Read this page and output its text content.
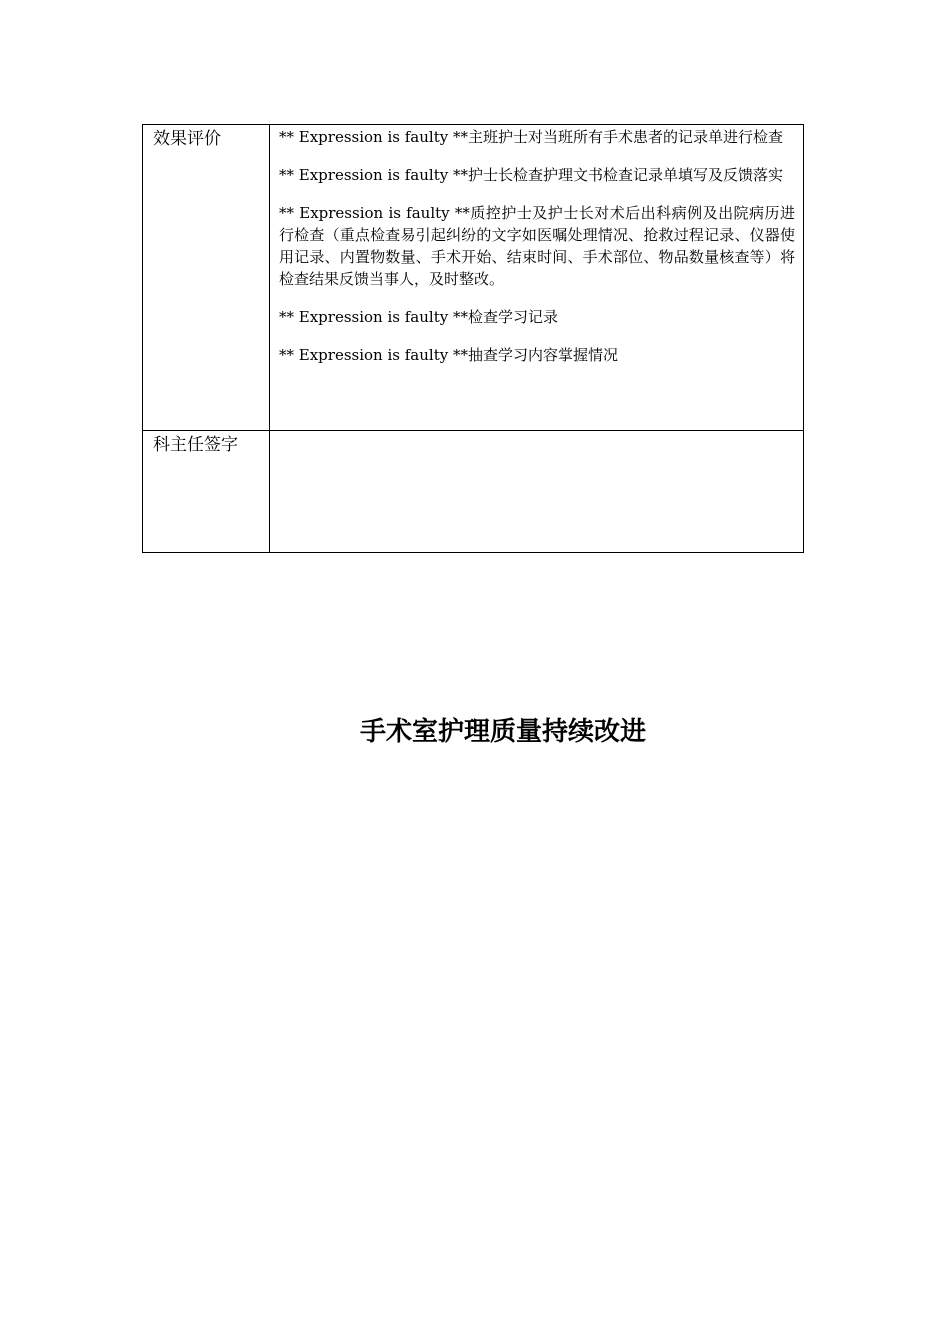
效果评价	** Expression is faulty **主班护士对当班所有手术患者的记录单进行检查

** Expression is faulty **护士长检查护理文书检查记录单填写及反馈落实

** Expression is faulty **质控护士及护士长对术后出科病例及出院病历进行检查（重点检查易引起纠纷的文字如医嘱处理情况、抢救过程记录、仪器使用记录、内置物数量、手术开始、结束时间、手术部位、物品数量核查等）将检查结果反馈当事人，及时整改。

** Expression is faulty **检查学习记录

** Expression is faulty **抽查学习内容掌握情况

科主任签字	
手术室护理质量持续改进
